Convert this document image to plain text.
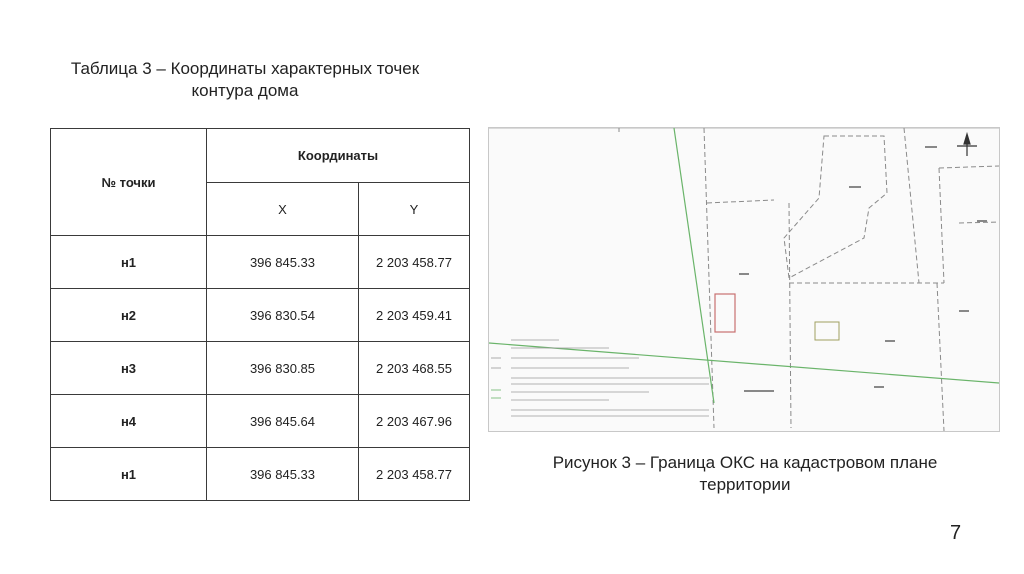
Таблица 3 – Координаты характерных точек
контура дома
№ точки	Координаты	
	X	Y
н1	396 845.33	2 203 458.77
н2	396 830.54	2 203 459.41
н3	396 830.85	2 203 468.55
н4	396 845.64	2 203 467.96
н1	396 845.33	2 203 458.77
Рисунок 3 – Граница ОКС на кадастровом плане
территории
7
